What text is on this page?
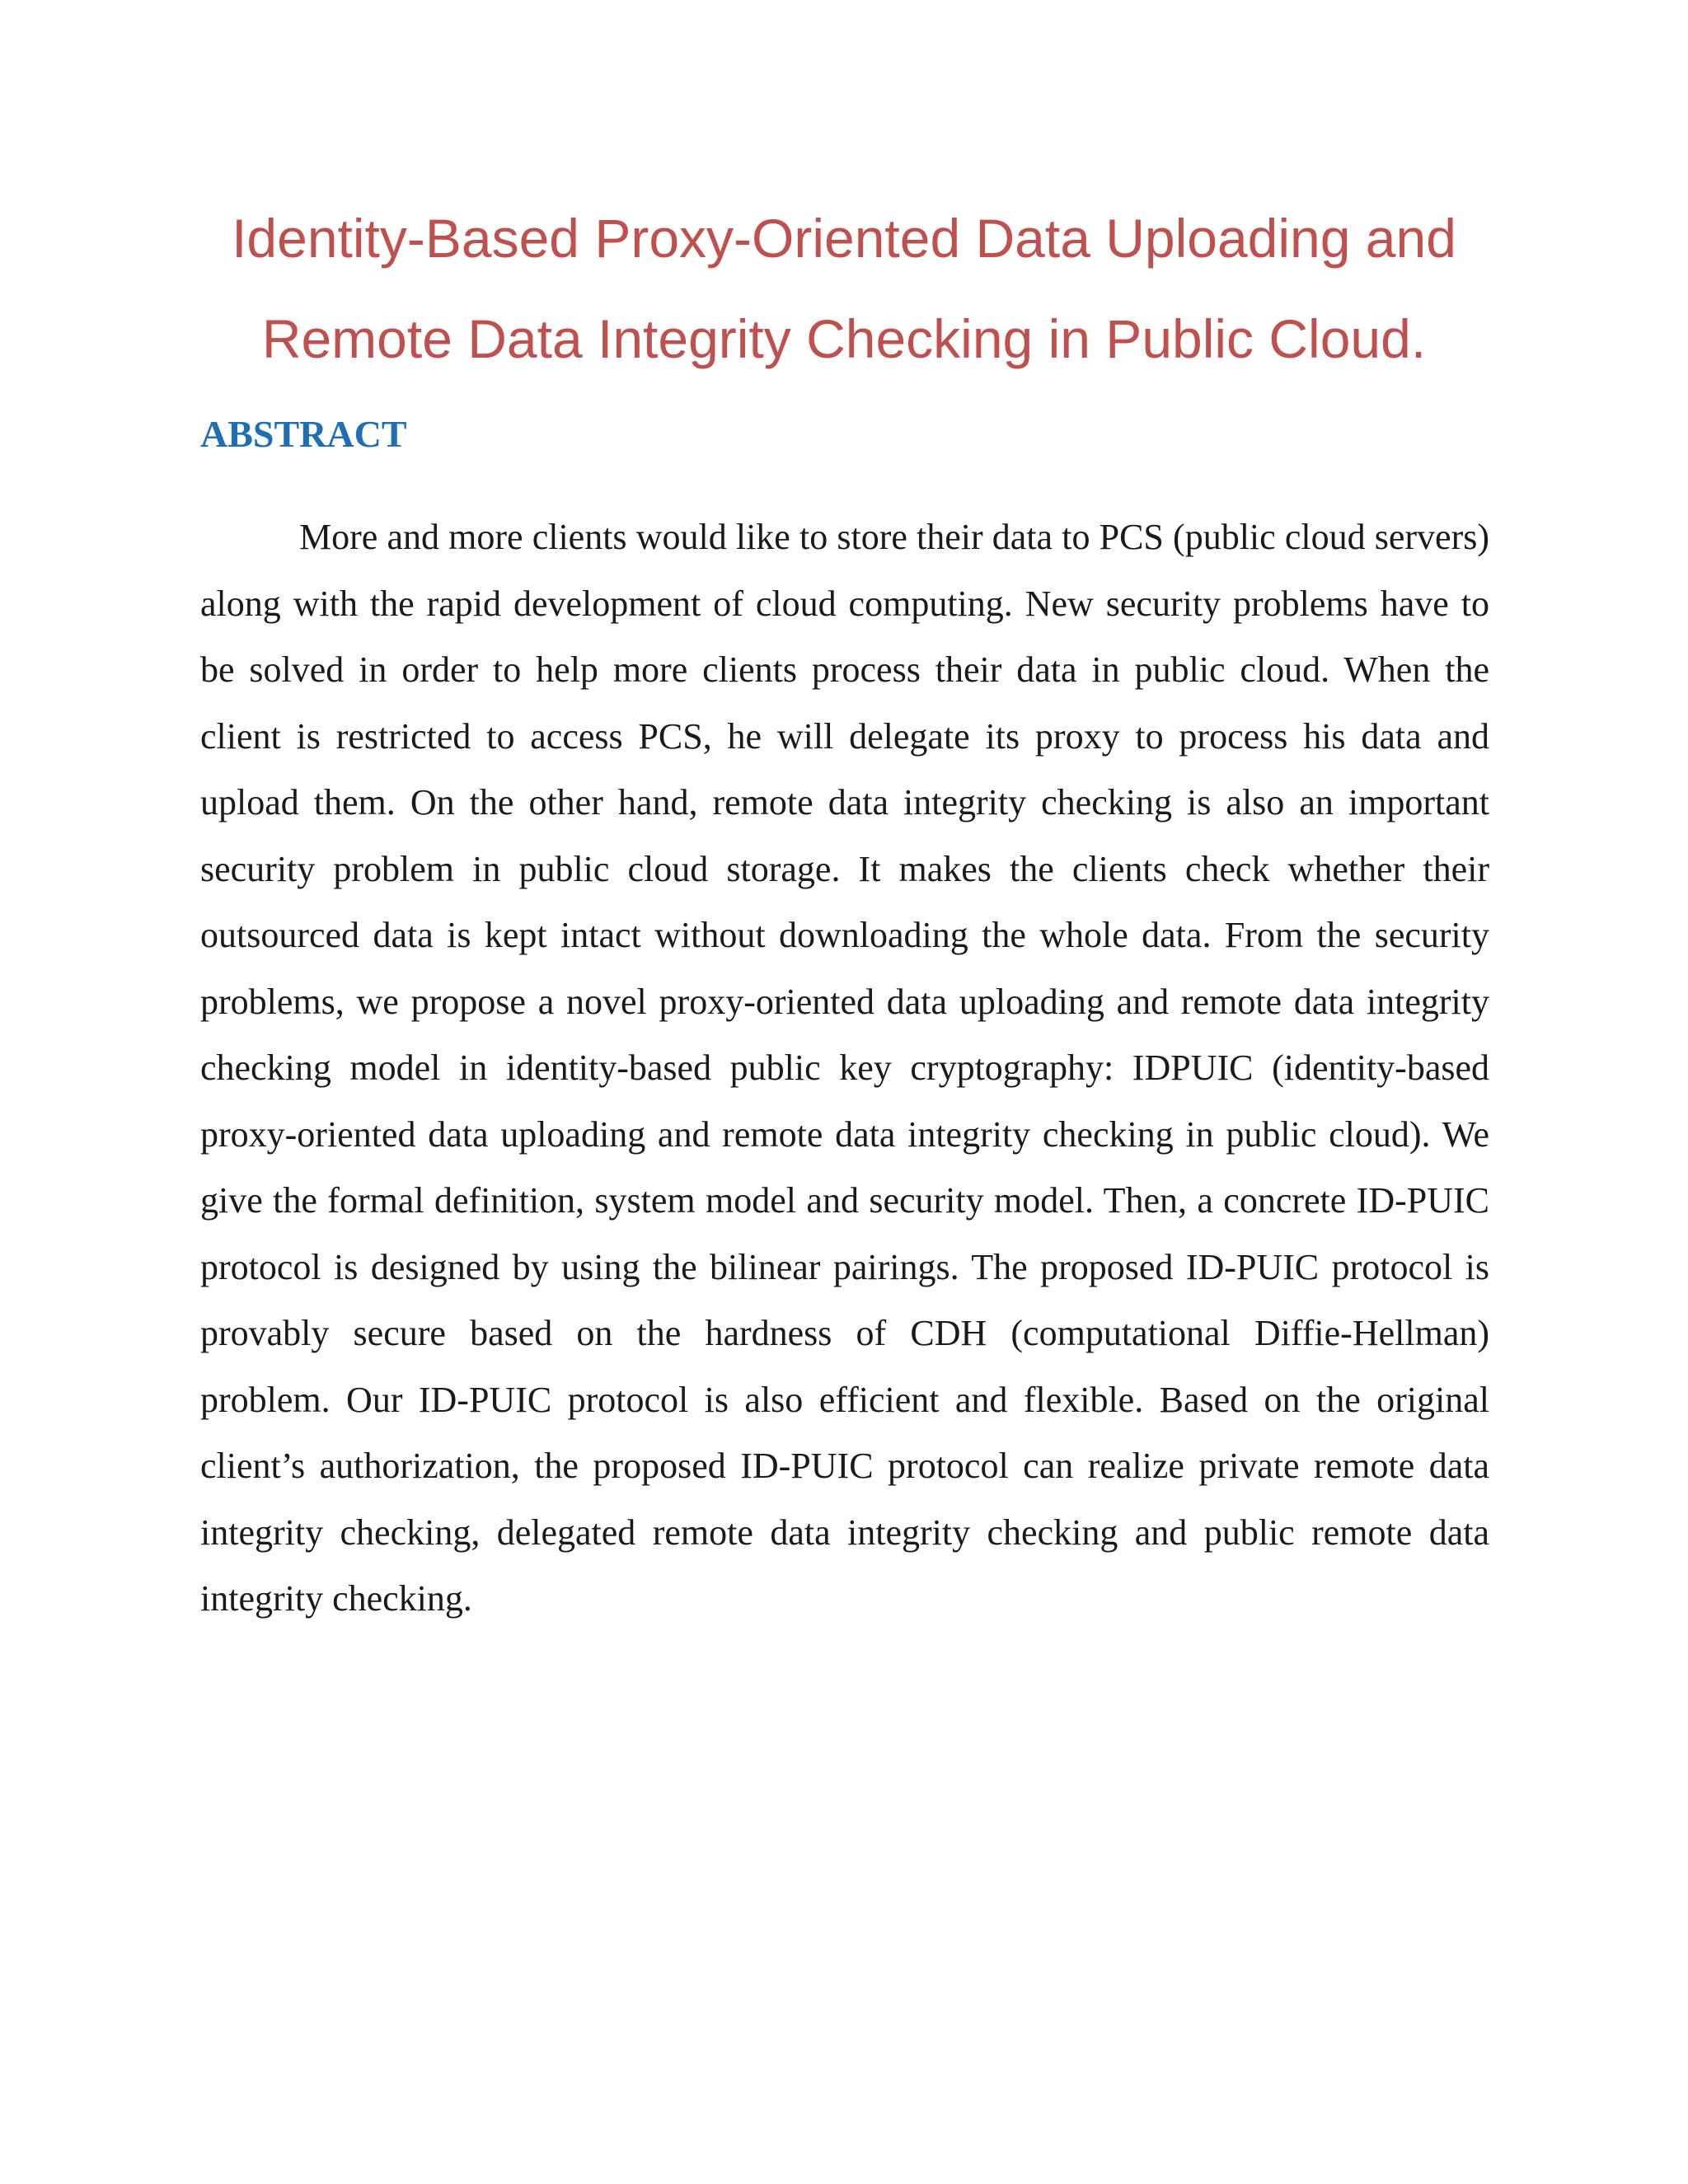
Identity-Based Proxy-Oriented Data Uploading and
Remote Data Integrity Checking in Public Cloud.
ABSTRACT

More and more clients would like to store their data to PCS (public cloud servers) along with the rapid development of cloud computing. New security problems have to be solved in order to help more clients process their data in public cloud. When the client is restricted to access PCS, he will delegate its proxy to process his data and upload them. On the other hand, remote data integrity checking is also an important security problem in public cloud storage. It makes the clients check whether their outsourced data is kept intact without downloading the whole data. From the security problems, we propose a novel proxy-oriented data uploading and remote data integrity checking model in identity-based public key cryptography: IDPUIC (identity-based proxy-oriented data uploading and remote data integrity checking in public cloud). We give the formal definition, system model and security model. Then, a concrete ID-PUIC protocol is designed by using the bilinear pairings. The proposed ID-PUIC protocol is provably secure based on the hardness of CDH (computational Diffie-Hellman) problem. Our ID-PUIC protocol is also efficient and flexible. Based on the original client’s authorization, the proposed ID-PUIC protocol can realize private remote data integrity checking, delegated remote data integrity checking and public remote data integrity checking.
